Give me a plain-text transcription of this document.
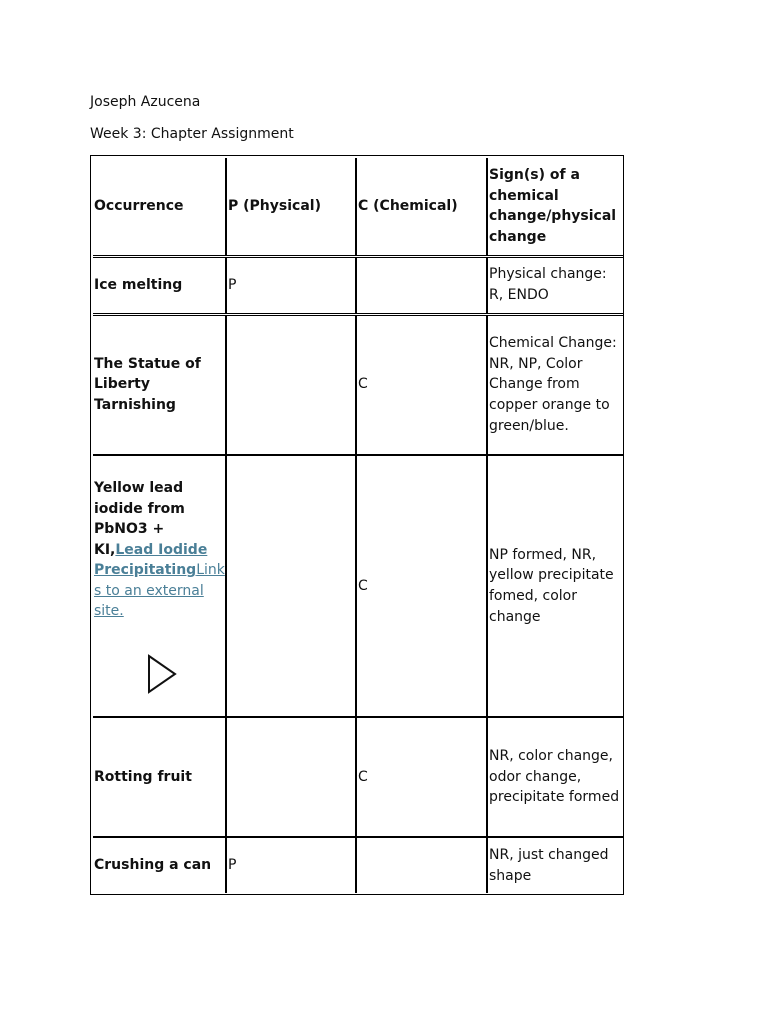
Joseph Azucena

Week 3: Chapter Assignment

Occurrence	P (Physical)	C (Chemical)	Sign(s) of a chemical change/physical change
Ice melting	P		Physical change: R, ENDO
The Statue of Liberty Tarnishing		C	Chemical Change: NR, NP, Color Change from copper orange to green/blue.
Yellow lead iodide from PbNO3 + KI,Lead Iodide PrecipitatingLinks to an external site.		C	NP formed, NR, yellow precipitate fomed, color change
Rotting fruit		C	NR, color change, odor change, precipitate formed
Crushing a can	P		NR, just changed shape
